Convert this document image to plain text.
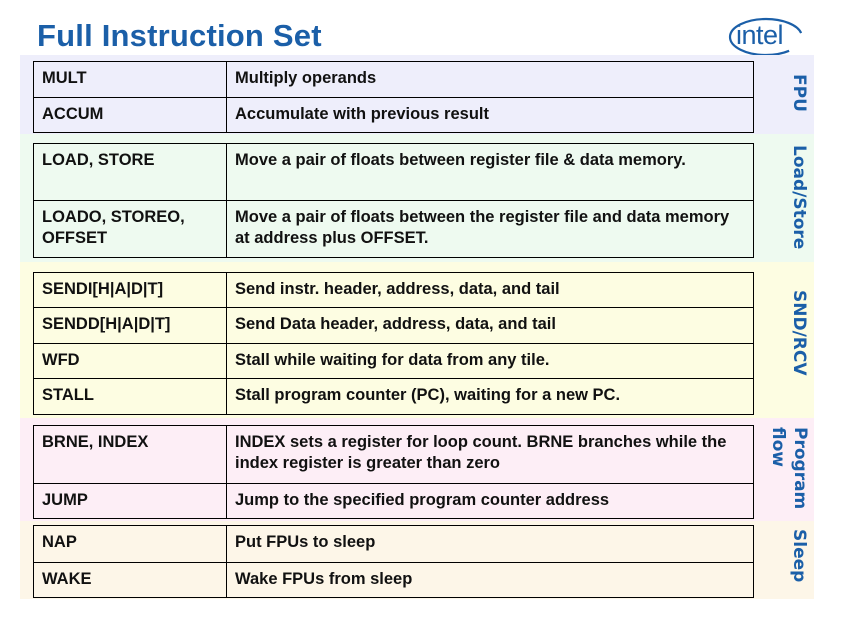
Full Instruction Set	intel
MULT	Multiply operands
ACCUM	Accumulate with previous result
FPU
LOAD, STORE	Move a pair of floats between register file & data memory.
LOADO, STOREO, OFFSET	Move a pair of floats between the register file and data memory at address plus OFFSET.	Load/Store
SENDI[H|A|D|T]	Send instr. header, address, data, and tail
SENDD[H|A|D|T]	Send Data header, address, data, and tail
WFD	Stall while waiting for data from any tile.
STALL	Stall program counter (PC), waiting for a new PC.
SND/RCV
BRNE, INDEX	INDEX sets a register for loop count. BRNE branches while the index register is greater than zero
JUMP	Jump to the specified program counter address	Program flow
NAP	Put FPUs to sleep
WAKE	Wake FPUs from sleep	Sleep
